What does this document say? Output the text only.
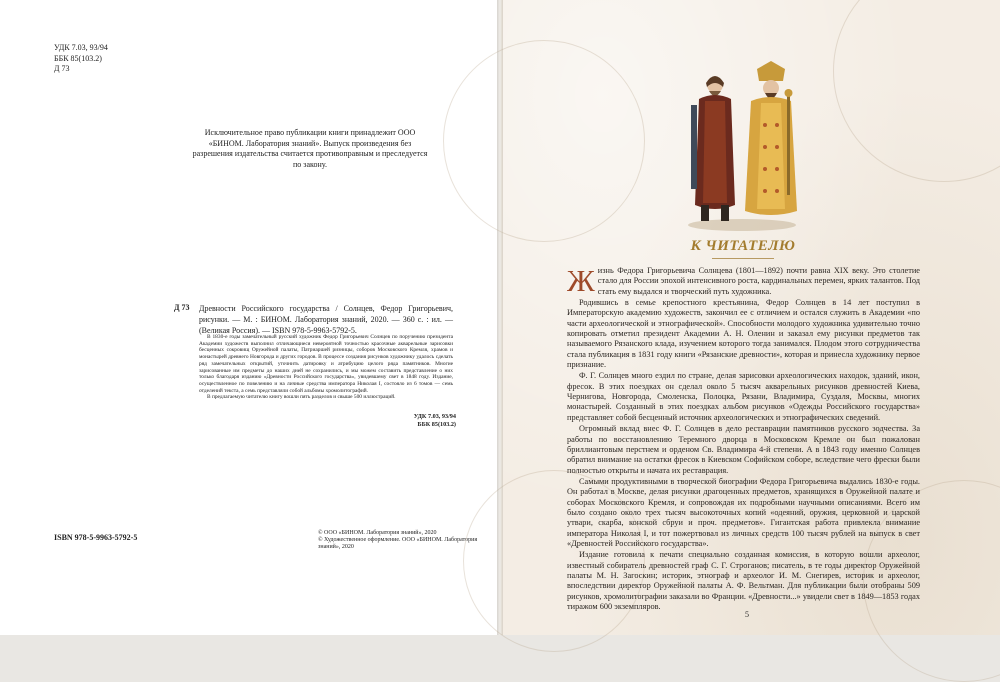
УДК 7.03, 93/94
ББК 85(103.2)
Д 73
Исключительное право публикации книги принадлежит ООО «БИНОМ. Лаборатория знаний». Выпуск произведения без разрешения издательства считается противоправным и преследуется по закону.
Д 73 Древности Российского государства / Солнцев, Федор Григорьевич, рисунки. — М. : БИНОМ. Лаборатория знаний, 2020. — 360 с. : ил. — (Великая Россия). — ISBN 978-5-9963-5792-5.

В 1830-е годы замечательный русский художник Федор Григорьевич Солнцев по поручению президента Академии художеств выполнил отличающиеся невероятной точностью красочные акварельные зарисовки бесценных сокровищ Оружейной палаты, Патриаршей ризницы, соборов Московского Кремля, храмов и монастырей древнего Новгорода и других городов. В процессе создания рисунков художнику удалось сделать ряд замечательных открытий, уточнить датировку и атрибуцию целого ряда памятников. Многие зарисованные им предметы до наших дней не сохранились, и мы можем составить представление о них только благодаря изданию «Древности Российского государства», увидевшему свет в 1848 году. Издание, осуществленное по повелению и на личные средства императора Николая I, состояло из 6 томов — семь отделений текста, а семь представляли собой альбомы хромолитографий.

В предлагаемую читателю книгу вошли пять разделов и свыше 500 иллюстраций.

УДК 7.03, 93/94
ББК 85(103.2)
ISBN 978-5-9963-5792-5	© ООО «БИНОМ. Лаборатория знаний», 2020
© Художественное оформление. ООО «БИНОМ. Лаборатория знаний», 2020
К ЧИТАТЕЛЮ

Жизнь Федора Григорьевича Солнцева (1801—1892) почти равна XIX веку. Это столетие стало для России эпохой интенсивного роста, кардинальных перемен, ярких талантов. Под стать ему выдался и творческий путь художника.

Родившись в семье крепостного крестьянина, Федор Солнцев в 14 лет поступил в Императорскую академию художеств, закончил ее с отличием и остался служить в Академии «по части археологической и этнографической». Способности молодого художника удивительно точно копировать отметил президент Академии А. Н. Оленин и заказал ему рисунки предметов так называемого Рязанского клада, изучением которого тогда занимался. Плодом этого сотрудничества стала публикация в 1831 году книги «Рязанские древности», которая и принесла художнику первое признание.

Ф. Г. Солнцев много ездил по стране, делая зарисовки археологических находок, зданий, икон, фресок. В этих поездках он сделал около 5 тысяч акварельных рисунков древностей Киева, Чернигова, Новгорода, Смоленска, Полоцка, Рязани, Владимира, Суздаля, Москвы, многих монастырей. Созданный в этих поездках альбом рисунков «Одежды Российского государства» представляет собой бесценный источник археологических и этнографических сведений.

Огромный вклад внес Ф. Г. Солнцев в дело реставрации памятников русского зодчества. За работы по восстановлению Теремного дворца в Московском Кремле он был пожалован бриллиантовым перстнем и орденом Св. Владимира 4-й степени. А в 1843 году именно Солнцев обратил внимание на остатки фресок в Киевском Софийском соборе, вследствие чего фрески были полностью открыты и начата их реставрация.

Самыми продуктивными в творческой биографии Федора Григорьевича выдались 1830-е годы. Он работал в Москве, делая рисунки драгоценных предметов, хранящихся в Оружейной палате и соборах Московского Кремля, и сопровождая их подробными научными описаниями. Всего им было создано около трех тысяч высокоточных копий «одеяний, оружия, церковной и царской утвари, скарба, конской сбруи и проч. предметов». Гигантская работа привлекла внимание императора Николая I, и тот пожертвовал из личных средств 100 тысяч рублей на выпуск в свет «Древностей Российского государства».

Издание готовила к печати специально созданная комиссия, в которую вошли археолог, известный собиратель древностей граф С. Г. Строганов; писатель, в те годы директор Оружейной палаты М. Н. Загоскин; историк, этнограф и археолог И. М. Снегирев, историк и археолог, впоследствии директор Оружейной палаты А. Ф. Вельтман. Для публикации были отобраны 509 рисунков, хромолитографии заказали во Франции. «Древности...» увидели свет в 1849—1853 годах тиражом 600 экземпляров.

5
